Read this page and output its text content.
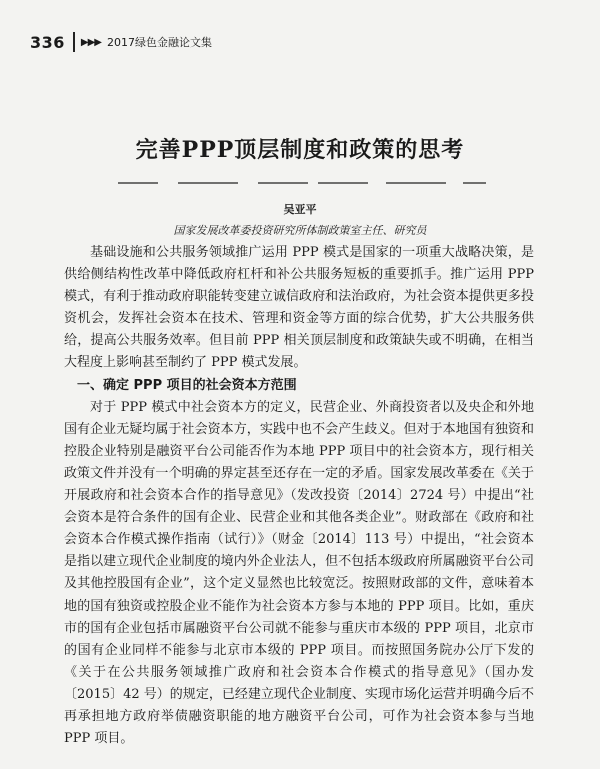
336 ▶▶▶ 2017绿色金融论文集
完善PPP顶层制度和政策的思考
吴亚平
国家发展改革委投资研究所体制政策室主任、研究员

基础设施和公共服务领域推广运用 PPP 模式是国家的一项重大战略决策，是供给侧结构性改革中降低政府杠杆和补公共服务短板的重要抓手。推广运用 PPP 模式，有利于推动政府职能转变建立诚信政府和法治政府，为社会资本提供更多投资机会，发挥社会资本在技术、管理和资金等方面的综合优势，扩大公共服务供给，提高公共服务效率。但目前 PPP 相关顶层制度和政策缺失或不明确，在相当大程度上影响甚至制约了 PPP 模式发展。

一、确定 PPP 项目的社会资本方范围

对于 PPP 模式中社会资本方的定义，民营企业、外商投资者以及央企和外地国有企业无疑均属于社会资本方，实践中也不会产生歧义。但对于本地国有独资和控股企业特别是融资平台公司能否作为本地 PPP 项目中的社会资本方，现行相关政策文件并没有一个明确的界定甚至还存在一定的矛盾。国家发展改革委在《关于开展政府和社会资本合作的指导意见》（发改投资〔2014〕2724 号）中提出“社会资本是符合条件的国有企业、民营企业和其他各类企业”。财政部在《政府和社会资本合作模式操作指南（试行）》（财金〔2014〕113 号）中提出，“社会资本是指以建立现代企业制度的境内外企业法人，但不包括本级政府所属融资平台公司及其他控股国有企业”，这个定义显然也比较宽泛。按照财政部的文件，意味着本地的国有独资或控股企业不能作为社会资本方参与本地的 PPP 项目。比如，重庆市的国有企业包括市属融资平台公司就不能参与重庆市本级的 PPP 项目，北京市的国有企业同样不能参与北京市本级的 PPP 项目。而按照国务院办公厅下发的《关于在公共服务领域推广政府和社会资本合作模式的指导意见》（国办发〔2015〕42 号）的规定，已经建立现代企业制度、实现市场化运营并明确今后不再承担地方政府举债融资职能的地方融资平台公司，可作为社会资本参与当地 PPP 项目。
